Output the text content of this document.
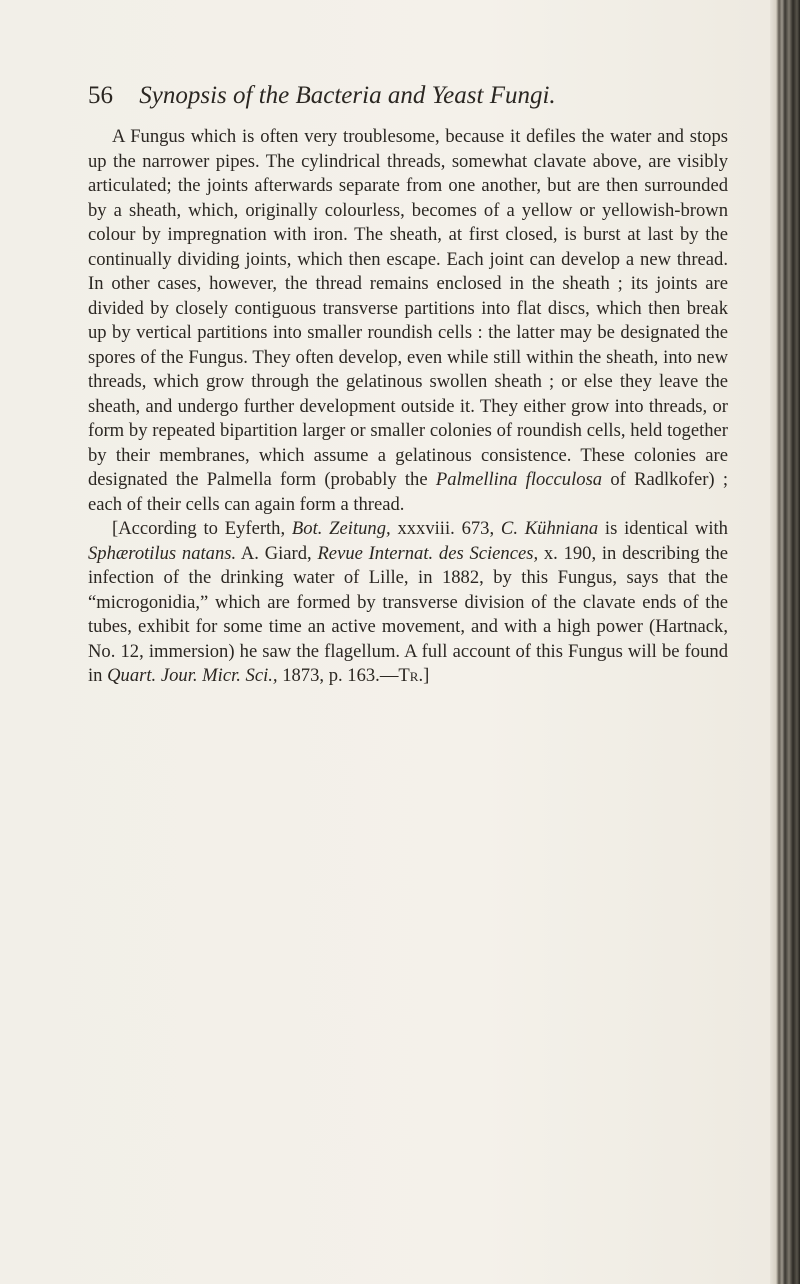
56 Synopsis of the Bacteria and Yeast Fungi.

A Fungus which is often very troublesome, because it defiles the water and stops up the narrower pipes. The cylindrical threads, somewhat clavate above, are visibly articulated; the joints afterwards separate from one another, but are then surrounded by a sheath, which, originally colourless, becomes of a yellow or yellowish-brown colour by impregnation with iron. The sheath, at first closed, is burst at last by the continually dividing joints, which then escape. Each joint can develop a new thread. In other cases, however, the thread remains enclosed in the sheath ; its joints are divided by closely contiguous transverse partitions into flat discs, which then break up by vertical partitions into smaller roundish cells : the latter may be designated the spores of the Fungus. They often develop, even while still within the sheath, into new threads, which grow through the gelatinous swollen sheath ; or else they leave the sheath, and undergo further development outside it. They either grow into threads, or form by repeated bipartition larger or smaller colonies of roundish cells, held together by their membranes, which assume a gelatinous consistence. These colonies are designated the Palmella form (probably the Palmellina flocculosa of Radlkofer) ; each of their cells can again form a thread.

[According to Eyferth, Bot. Zeitung, xxxviii. 673, C. Kühniana is identical with Sphærotilus natans. A. Giard, Revue Internat. des Sciences, x. 190, in describing the infection of the drinking water of Lille, in 1882, by this Fungus, says that the “microgonidia,” which are formed by transverse division of the clavate ends of the tubes, exhibit for some time an active movement, and with a high power (Hartnack, No. 12, immersion) he saw the flagellum. A full account of this Fungus will be found in Quart. Jour. Micr. Sci., 1873, p. 163.—Tr.]
